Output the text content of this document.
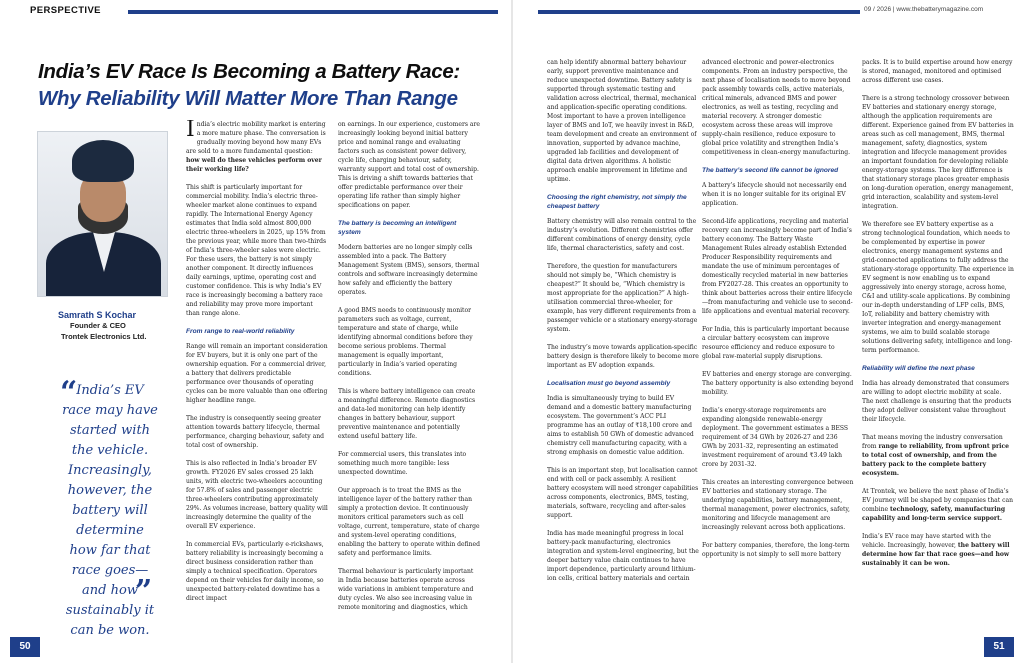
PERSPECTIVE	09 / 2026 | www.thebatterymagazine.com
India’s EV Race Is Becoming a Battery Race:
Why Reliability Will Matter More Than Range
Samrath S Kochar
Founder & CEO
Trontek Electronics Ltd.
“
India’s EV race may have started with the vehicle. Increasingly, however, the battery will determine how far that race goes—and how sustainably it can be won.
”

India’s electric mobility market is entering a more mature phase. The conversation is gradually moving beyond how many EVs are sold to a more fundamental question: how well do these vehicles perform over their working life?

This shift is particularly important for commercial mobility. India’s electric three-wheeler market alone continues to expand rapidly. The International Energy Agency estimates that India sold almost 800,000 electric three-wheelers in 2025, up 15% from the previous year, while more than two-thirds of India’s three-wheeler sales were electric. For these users, the battery is not simply another component. It directly influences daily earnings, uptime, operating cost and customer confidence. This is why India’s EV race is increasingly becoming a battery race and reliability may prove more important than range alone.

From range to real-world reliability

Range will remain an important consideration for EV buyers, but it is only one part of the ownership equation. For a commercial driver, a battery that delivers predictable performance over thousands of operating cycles can be more valuable than one offering higher headline range.

The industry is consequently seeing greater attention towards battery lifecycle, thermal performance, charging behaviour, safety and total cost of ownership.

This is also reflected in India’s broader EV growth. FY2026 EV sales crossed 25 lakh units, with electric two-wheelers accounting for 57.8% of sales and passenger electric three-wheelers contributing approximately 29%. As volumes increase, battery quality will increasingly determine the quality of the overall EV experience.

In commercial EVs, particularly e-rickshaws, battery reliability is increasingly becoming a direct business consideration rather than simply a technical specification. Operators depend on their vehicles for daily income, so unexpected battery-related downtime has a direct impact

on earnings. In our experience, customers are increasingly looking beyond initial battery price and nominal range and evaluating factors such as consistent power delivery, cycle life, charging behaviour, safety, warranty support and total cost of ownership. This is driving a shift towards batteries that offer predictable performance over their operating life rather than simply higher specifications on paper.

The battery is becoming an intelligent system

Modern batteries are no longer simply cells assembled into a pack. The Battery Management System (BMS), sensors, thermal controls and software increasingly determine how safely and efficiently the battery operates.

A good BMS needs to continuously monitor parameters such as voltage, current, temperature and state of charge, while identifying abnormal conditions before they become serious problems. Thermal management is equally important, particularly in India’s varied operating conditions.

This is where battery intelligence can create a meaningful difference. Remote diagnostics and data-led monitoring can help identify changes in battery behaviour, support preventive maintenance and potentially extend useful battery life.

For commercial users, this translates into something much more tangible: less unexpected downtime.

Our approach is to treat the BMS as the intelligence layer of the battery rather than simply a protection device. It continuously monitors critical parameters such as cell voltage, current, temperature, state of charge and system-level operating conditions, enabling the battery to operate within defined safety and performance limits.

Thermal behaviour is particularly important in India because batteries operate across wide variations in ambient temperature and duty cycles. We also see increasing value in remote monitoring and diagnostics, which

can help identify abnormal battery behaviour early, support preventive maintenance and reduce unexpected downtime. Battery safety is supported through systematic testing and validation across electrical, thermal, mechanical and application-specific operating conditions. Most important to have a proven intelligence layer of BMS and IoT, we heavily invest in R&D, team development and create an environment of innovation, supported by advance machine, upgraded lab facilities and development of digital data driven algorithms. A holistic approach enable improvement in lifetime and uptime.

Choosing the right chemistry, not simply the cheapest battery

Battery chemistry will also remain central to the industry’s evolution. Different chemistries offer different combinations of energy density, cycle life, thermal characteristics, safety and cost.

Therefore, the question for manufacturers should not simply be, “Which chemistry is cheapest?” It should be, “Which chemistry is most appropriate for the application?” A high-utilisation commercial three-wheeler, for example, has very different requirements from a passenger vehicle or a stationary energy-storage system.

The industry’s move towards application-specific battery design is therefore likely to become more important as EV adoption expands.

Localisation must go beyond assembly

India is simultaneously trying to build EV demand and a domestic battery manufacturing ecosystem. The government’s ACC PLI programme has an outlay of ₹18,100 crore and aims to establish 50 GWh of domestic advanced chemistry cell manufacturing capacity, with a strong emphasis on domestic value addition.

This is an important step, but localisation cannot end with cell or pack assembly. A resilient battery ecosystem will need stronger capabilities across components, electronics, BMS, testing, materials, software, recycling and after-sales support.

India has made meaningful progress in local battery-pack manufacturing, electronics integration and system-level engineering, but the deeper battery value chain continues to have import dependence, particularly around lithium-ion cells, critical battery materials and certain

advanced electronic and power-electronics components. From an industry perspective, the next phase of localisation needs to move beyond pack assembly towards cells, active materials, critical minerals, advanced BMS and power electronics, as well as testing, recycling and material recovery. A stronger domestic ecosystem across these areas will improve supply-chain resilience, reduce exposure to global price volatility and strengthen India’s competitiveness in clean-energy manufacturing.

The battery’s second life cannot be ignored

A battery’s lifecycle should not necessarily end when it is no longer suitable for its original EV application.

Second-life applications, recycling and material recovery can increasingly become part of India’s battery economy. The Battery Waste Management Rules already establish Extended Producer Responsibility requirements and mandate the use of minimum percentages of domestically recycled material in new batteries from FY2027-28. This creates an opportunity to think about batteries across their entire lifecycle—from manufacturing and vehicle use to second-life applications and eventual material recovery.

For India, this is particularly important because a circular battery ecosystem can improve resource efficiency and reduce exposure to global raw-material supply disruptions.

EV batteries and energy storage are converging. The battery opportunity is also extending beyond mobility.

India’s energy-storage requirements are expanding alongside renewable-energy deployment. The government estimates a BESS requirement of 34 GWh by 2026-27 and 236 GWh by 2031-32, representing an estimated investment requirement of around ₹3.49 lakh crore by 2031-32.

This creates an interesting convergence between EV batteries and stationary storage. The underlying capabilities, battery management, thermal management, power electronics, safety, monitoring and lifecycle management are increasingly relevant across both applications.

For battery companies, therefore, the long-term opportunity is not simply to sell more battery

packs. It is to build expertise around how energy is stored, managed, monitored and optimised across different use cases.

There is a strong technology crossover between EV batteries and stationary energy storage, although the application requirements are different. Experience gained from EV batteries in areas such as cell management, BMS, thermal management, safety, diagnostics, system integration and lifecycle management provides an important foundation for developing reliable energy-storage systems. The key difference is that stationary storage places greater emphasis on long-duration operation, energy management, grid interaction, scalability and system-level integration.

We therefore see EV battery expertise as a strong technological foundation, which needs to be complemented by expertise in power electronics, energy management systems and grid-connected applications to fully address the stationary-storage opportunity. The experience in EV segment is now enabling us to expand aggressively into energy storage, across home, C&I and utility-scale applications. By combining our in-depth understanding of LFP cells, BMS, IoT, reliability and battery chemistry with inverter integration and energy-management systems, we aim to build scalable storage solutions delivering safety, intelligence and long-term performance.

Reliability will define the next phase

India has already demonstrated that consumers are willing to adopt electric mobility at scale. The next challenge is ensuring that the products they adopt deliver consistent value throughout their lifecycle.

That means moving the industry conversation from range to reliability, from upfront price to total cost of ownership, and from the battery pack to the complete battery ecosystem.

At Trontek, we believe the next phase of India’s EV journey will be shaped by companies that can combine technology, safety, manufacturing capability and long-term service support.

India’s EV race may have started with the vehicle. Increasingly, however, the battery will determine how far that race goes—and how sustainably it can be won.

50	51
